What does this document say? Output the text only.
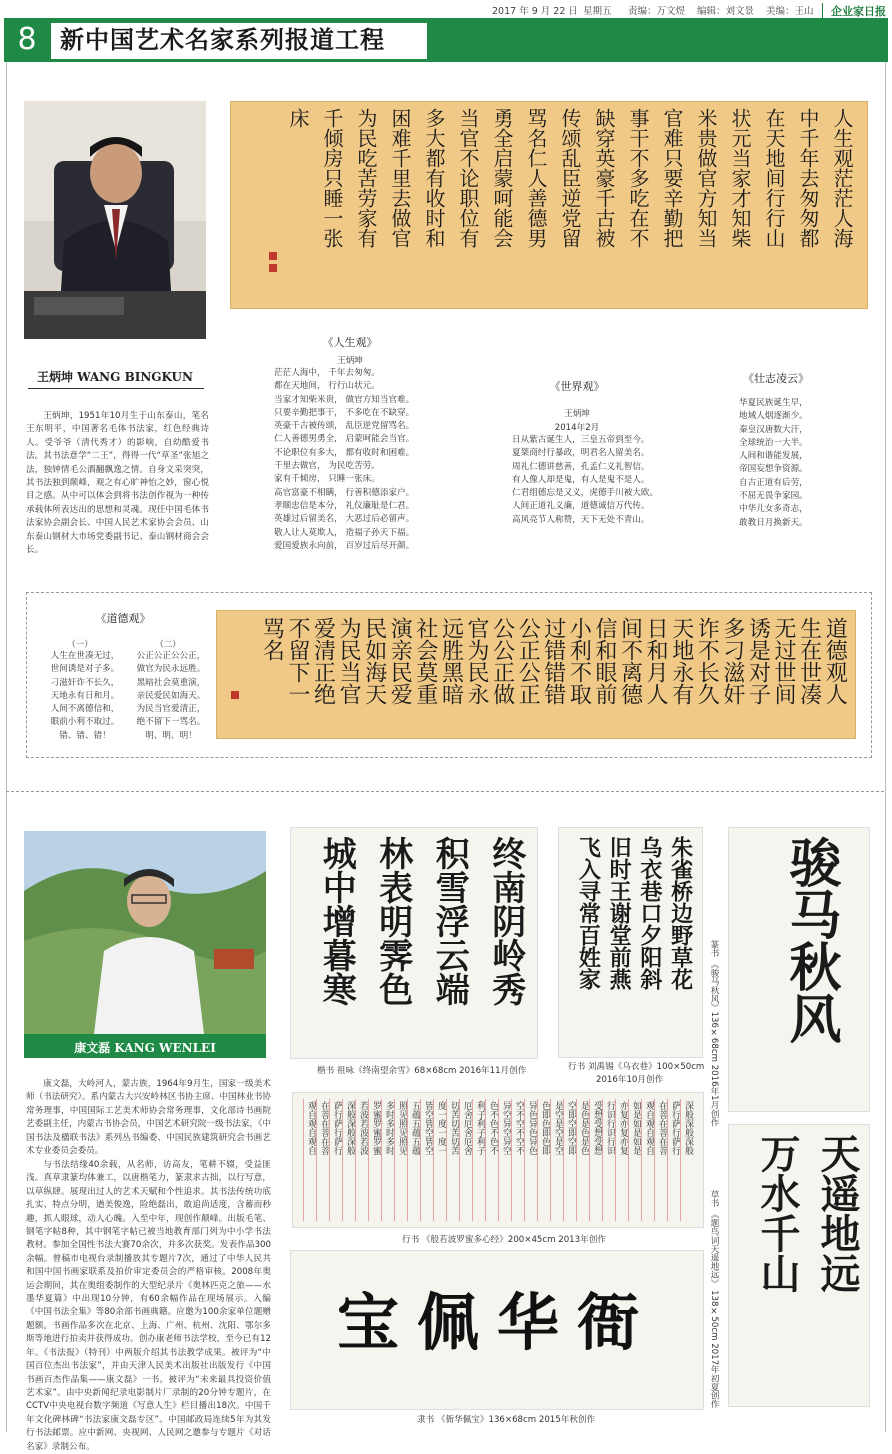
2017 年 9 月 22 日 星期五 责编：万文煜 编辑：刘文景 美编：王山	企业家日报
8 新中国艺术名家系列报道工程
王炳坤 WANG BINGKUN
王炳坤，1951年10月生于山东泰山，笔名王东明平，中国著名毛体书法家，红色经典诗人。受爷爷（清代秀才）的影响，自幼酷爱书法。其书法意学“二王”，得得一代“草圣”张旭之法，独钟情毛公酒翻飘逸之情。自身文采突突，其书法独到颠峰，观之有心旷神怡之妙，窗心悦目之感。从中可以体会到将书法创作视为一种传承载体所表达出的思想和灵魂。现任中国毛体书法家协会副会长、中国人民艺术家协会会员、山东泰山钢材大市场党委副书记、泰山钢材商会会长。
人生观茫茫人海
中千年去匆匆都
在天地间行行山
状元当家才知柴
米贵做官方知当
官难只要辛勤把
事干不多吃在不
缺穿英豪千古被
传颂乱臣逆党留
骂名仁人善德男
勇全启蒙呵能会
当官不论职位有
多大都有收时和
困难千里去做官
为民吃苦劳家有
千倾房只睡一张
床
《人生观》
王炳坤
茫茫人海中， 千年去匆匆。
都在天地间， 行行山状元。
当家才知柴米贵， 做官方知当官难。
只要辛勤把事干， 不多吃在不缺穿。
英豪千古被传颂， 乱臣逆党留骂名。
仁人善德男勇全， 启蒙呵能会当官。
不论职位有多大， 都有收时和困难。
千里去做官， 为民吃苦劳。
家有千倾房， 只睡一张床。
高官富豪不相瞒， 行善积德添家户。
孝顺忠信是本分， 礼仪廉耻是仁君。
英雄过后留美名， 大恶过后必留声。
敬人让人莫欺人， 造福子孙天下福。
爱国爱族永向前， 百岁过后尽开颜。
《世界观》
王炳坤
2014年2月
日从紫古诞生人，三皇五帝到至今。
夏桀商纣行暴政，明君名人留美名。
周礼仁德讲慈善，孔孟仁义礼智信。
有人像人却是鬼，有人是鬼不是人。
仁君组德忘是又义，虎德手川被大欧。
人间正道礼义廉，道德诚信万代传。
高风亮节人称赞，天下无处不青山。
《壮志凌云》
华夏民族诞生早，
地域人烟逐渐少。
秦皇汉唐数大汗，
全球统治一大半。
人间和谐能发展，
帝国妄想争资源。
自古正道有后劳，
不屈无畏争家园。
中华儿女多奇志，
敢教日月换新天。
《道德观》
（一）
人生在世凑无过，
世间诱是对子多。
刁滋奸诈不长久，
天地永有日和月。
人间不离德信和，
眼前小利不取过。
错、错、错！
（二）
公正公正公公正，
做官为民永远胜。
黑暗社会莫重演，
亲民爱民如海天。
为民当官爱清正，
绝不留下一骂名。
明、明、明！
道德观人
生在世凑
无过世间
诱是对子
多刁滋奸
诈不长久
天地永有
日和月人
间不离德
信和眼前
小利不取
过错错错
公正公正
公公正做
官为民永
远胜黑暗
社会莫重
演亲民爱
民如海天
为民当官
爱清正绝
不留下一
骂名
康文磊 KANG WENLEI
康文磊，大岭河人，蒙古族，1964年9月生，国家一级美术师（书法研究）。系内蒙古大兴安岭林区书协主席、中国林业书协常务理事，中国国际工艺美术师协会常务理事，文化部诗书画院艺委副主任，内蒙古书协会员，中国艺术研究院一级书法家，《中国书法及楹联书法》系列丛书编委、中国民族建筑研究会书画艺术专业委员会委员。
与书法结缘40余载，从名师，访高友，笔耕不辍，受益匪浅。真草隶篆均体兼工，以唐楷笔力，篆隶求古拙，以行写意，以草纵肆。展现出过人的艺术天赋和个性追求。其书法传统功底扎实、特点分明，遒美俊逸，险绝磊出，敢追尚适度，含蓄而秒趣，抓人眼球，动人心魄。入至中年，现创作颠峰。出版毛笔、钢笔字帖8种，其中钢笔字帖已被当地教育部门列为中小学书法教材。参加全国性书法大赛70余次，并多次获奖。发表作品300余幅。曾稿市电视台录制播放其专题片7次，通过了中华人民共和国中国书画家联系及拍价审定委员会的严格审核。2008年奥运会期间，其在奥组委制作的大型纪录片《奥林匹克之旅——水墨华夏篇》中出现10分钟，有60余幅作品在现场展示。入编《中国书法全集》等80余部书画典籍。应邀为100余家单位题赠题额。书画作品多次在北京、上海、广州、杭州、沈阳、鄂尔多斯等地进行拍卖并获得成功。创办康老师书法学校，至今已有12年。《书法报》（特刊）中两版介绍其书法教学成果。被评为“中国百位杰出书法家”，并由天津人民美术出版社出版发行《中国书画百杰作品集——康文磊》一书。被评为“未来最具投资价值艺术家”。由中央新闻纪录电影制片厂录制的20分钟专题片，在CCTV中央电视台数字频道《写意人生》栏目播出18次。中国千年文化碑林碑“书法家康文磊专区”。中国邮政局连续5年为其发行书法邮票。应中新网、央视网、人民网之邀参与专题片《对话名家》录制公布。
终南阴岭秀
积雪浮云端
林表明霁色
城中增暮寒
楷书 祖咏《终南望余雪》68×68cm 2016年11月创作
朱雀桥边野草花
乌衣巷口夕阳斜
旧时王谢堂前燕
飞入寻常百姓家
行书 刘禹锡《乌衣巷》100×50cm
2016年10月创作
骏马秋风
篆书 《骏马秋风》136×68cm 2016年1月创作
观自观自观自 在菩在菩在菩 萨行萨行萨行 深般深般深般 若波若波若波 罗蜜罗蜜罗蜜 多时多时多时 照见照见照见 五蕴五蕴五蕴 皆空皆空皆空 度一度一度一 切苦切苦切苦 厄舍厄舍厄舍 利子利子利子 色不色不色不 异空异空异空 空不空不空不 异色异色异色 色即色即色即 是空是空是空 空即空即空即 是色是色是色 受想受想受想 行识行识行识 亦复亦复亦复 如是如是如是 观自观自观自 在菩在菩在菩 萨行萨行萨行 深般深般深般
行书 《般若波罗蜜多心经》200×45cm 2013年创作
宝佩华衙
隶书 《衙华佩宝》136×68cm 2015年秋创作
天遥地远
万水千山
草书 《题鸟词天遥地远》 138×50cm 2017年初夏创作
